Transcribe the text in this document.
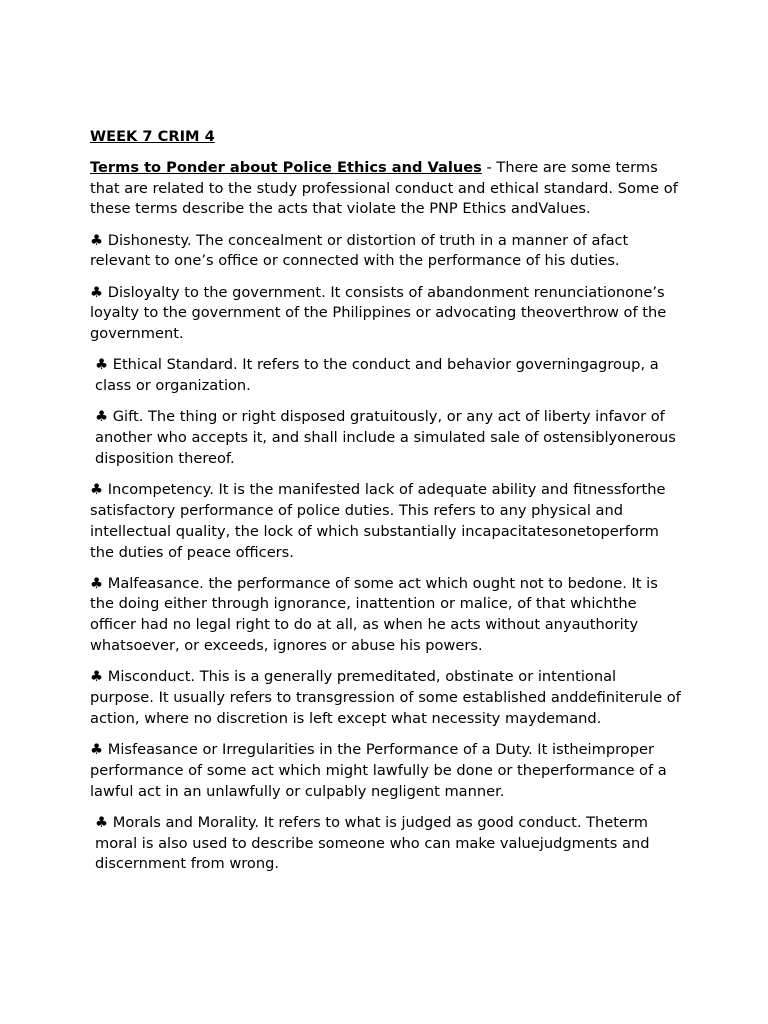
WEEK 7 CRIM 4
Terms to Ponder about Police Ethics and Values - There are some terms that are related to the study professional conduct and ethical standard. Some of these terms describe the acts that violate the PNP Ethics andValues.
♣ Dishonesty. The concealment or distortion of truth in a manner of afact relevant to one’s office or connected with the performance of his duties.
♣ Disloyalty to the government. It consists of abandonment renunciationone’s loyalty to the government of the Philippines or advocating theoverthrow of the government.
♣ Ethical Standard. It refers to the conduct and behavior governingagroup, a class or organization.
♣ Gift. The thing or right disposed gratuitously, or any act of liberty infavor of another who accepts it, and shall include a simulated sale of ostensiblyonerous disposition thereof.
♣ Incompetency. It is the manifested lack of adequate ability and fitnessforthe satisfactory performance of police duties. This refers to any physical and intellectual quality, the lock of which substantially incapacitatesonetoperform the duties of peace officers.
♣ Malfeasance. the performance of some act which ought not to bedone. It is the doing either through ignorance, inattention or malice, of that whichthe officer had no legal right to do at all, as when he acts without anyauthority whatsoever, or exceeds, ignores or abuse his powers.
♣ Misconduct. This is a generally premeditated, obstinate or intentional purpose. It usually refers to transgression of some established anddefiniterule of action, where no discretion is left except what necessity maydemand.
♣ Misfeasance or Irregularities in the Performance of a Duty. It istheimproper performance of some act which might lawfully be done or theperformance of a lawful act in an unlawfully or culpably negligent manner.
♣ Morals and Morality. It refers to what is judged as good conduct. Theterm moral is also used to describe someone who can make valuejudgments and discernment from wrong.
